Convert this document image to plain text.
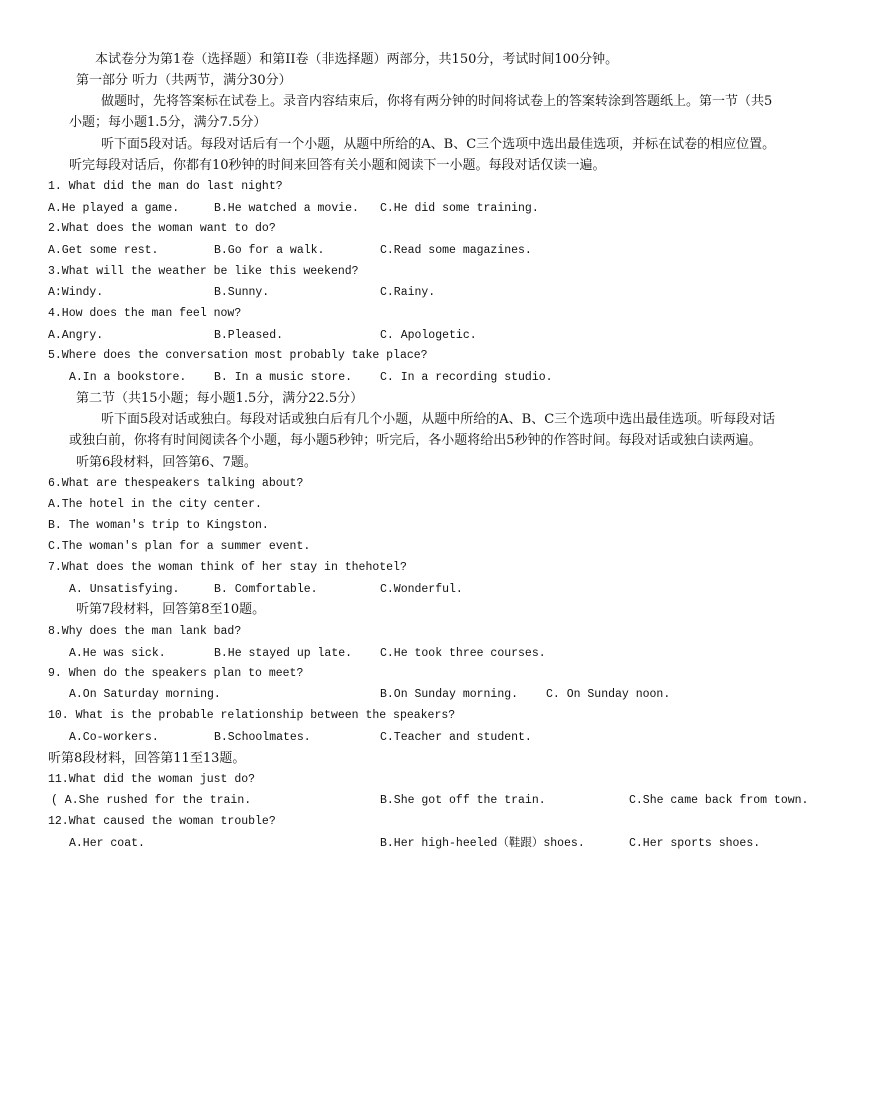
本试卷分为第1卷（选择题）和第II卷（非选择题）两部分，共150分，考试时间100分钟。
第一部分 听力（共两节，满分30分）
做题时，先将答案标在试卷上。录音内容结束后，你将有两分钟的时间将试卷上的答案转涂到答题纸上。第一节（共5
小题；每小题1.5分，满分7.5分）
听下面5段对话。每段对话后有一个小题，从题中所给的A、B、C三个选项中选出最佳选项，并标在试卷的相应位置。
听完每段对话后，你都有10秒钟的时间来回答有关小题和阅读下一小题。每段对话仅读一遍。
1. What did the man do last night?
A.He played a game.	B.He watched a movie. C.He did some training.
2.What does the woman want to do?
A.Get some rest.	B.Go for a walk.	C.Read some magazines.
3.What will the weather be like this weekend?
A:Windy.	B.Sunny.	C.Rainy.
4.How does the man feel now?
A.Angry.	B.Pleased.	C. Apologetic.
5.Where does the conversation most probably take place?
A.In a bookstore. B. In a music store. C. In a recording studio.
第二节（共15小题；每小题1.5分，满分22.5分）
听下面5段对话或独白。每段对话或独白后有几个小题，从题中所给的A、B、C三个选项中选出最佳选项。听每段对话
或独白前，你将有时间阅读各个小题，每小题5秒钟；听完后，各小题将给出5秒钟的作答时间。每段对话或独白读两遍。
听第6段材料，回答第6、7题。
6.What are thespeakers talking about?
A.The hotel in the city center.
B. The woman's trip to Kingston.
C.The woman's plan for a summer event.
7.What does the woman think of her stay in thehotel?
A. Unsatisfying.	B. Comfortable.	C.Wonderful.
听第7段材料，回答第8至10题。
8.Why does the man lank bad?
A.He was sick.	B.He stayed up late. C.He took three courses.
9. When do the speakers plan to meet?
A.On Saturday morning.	B.On Sunday morning. C. On Sunday noon.
10. What is the probable relationship between the speakers?
A.Co-workers.	B.Schoolmates.	C.Teacher and student.
听第8段材料，回答第11至13题。
11.What did the woman just do?
( A.She rushed for the train.	B.She got off the train.	C.She came back from town.
12.What caused the woman trouble?
A.Her coat.	B.Her high-heeled（鞋跟）shoes.	C.Her sports shoes.
